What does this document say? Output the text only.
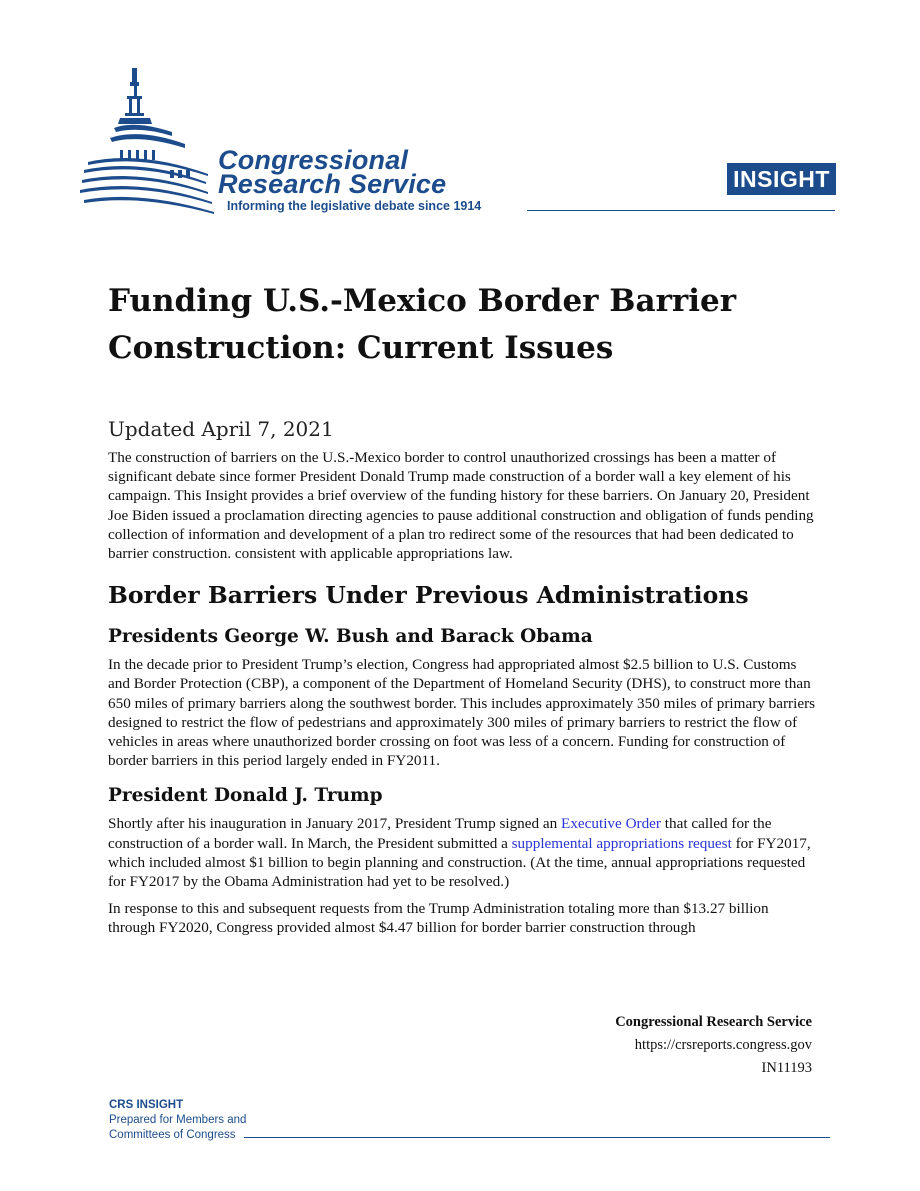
Congressional
Research Service
Informing the legislative debate since 1914
INSIGHT
Funding U.S.-Mexico Border Barrier Construction: Current Issues
Updated April 7, 2021

The construction of barriers on the U.S.-Mexico border to control unauthorized crossings has been a matter of significant debate since former President Donald Trump made construction of a border wall a key element of his campaign. This Insight provides a brief overview of the funding history for these barriers. On January 20, President Joe Biden issued a proclamation directing agencies to pause additional construction and obligation of funds pending collection of information and development of a plan tro redirect some of the resources that had been dedicated to barrier construction. consistent with applicable appropriations law.

Border Barriers Under Previous Administrations
Presidents George W. Bush and Barack Obama

In the decade prior to President Trump’s election, Congress had appropriated almost $2.5 billion to U.S. Customs and Border Protection (CBP), a component of the Department of Homeland Security (DHS), to construct more than 650 miles of primary barriers along the southwest border. This includes approximately 350 miles of primary barriers designed to restrict the flow of pedestrians and approximately 300 miles of primary barriers to restrict the flow of vehicles in areas where unauthorized border crossing on foot was less of a concern. Funding for construction of border barriers in this period largely ended in FY2011.

President Donald J. Trump

Shortly after his inauguration in January 2017, President Trump signed an Executive Order that called for the construction of a border wall. In March, the President submitted a supplemental appropriations request for FY2017, which included almost $1 billion to begin planning and construction. (At the time, annual appropriations requested for FY2017 by the Obama Administration had yet to be resolved.)

In response to this and subsequent requests from the Trump Administration totaling more than $13.27 billion through FY2020, Congress provided almost $4.47 billion for border barrier construction through

Congressional Research Service
https://crsreports.congress.gov
IN11193
CRS INSIGHT
Prepared for Members and
Committees of Congress
